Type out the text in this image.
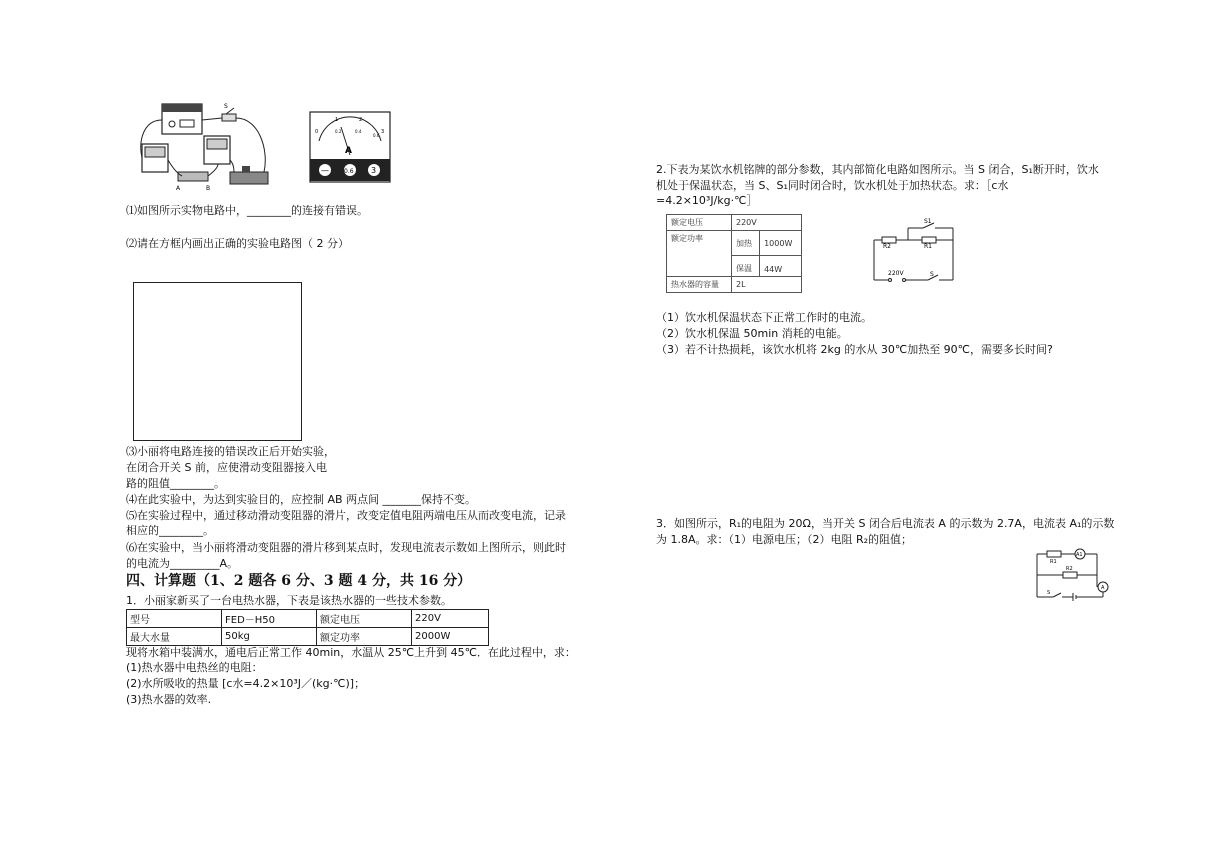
S
A	B
0
1	2
3
0.2	0.4
0.6
A
—	0.6 3
⑴如图所示实物电路中，________的连接有错误。
⑵请在方框内画出正确的实验电路图（ 2 分）
⑶小丽将电路连接的错误改正后开始实验，
在闭合开关 S 前，应使滑动变阻器接入电
路的阻值________。
⑷在此实验中，为达到实验目的，应控制 AB 两点间 _______保持不变。
⑸在实验过程中，通过移动滑动变阻器的滑片，改变定值电阻两端电压从而改变电流，记录
相应的________。
⑹在实验中，当小丽将滑动变阻器的滑片移到某点时，发现电流表示数如上图所示，则此时
的电流为_________A。
四、计算题（1、2 题各 6 分、3 题 4 分，共 16 分）
1．小丽家新买了一台电热水器，下表是该热水器的一些技术参数。
型号	FED－H50	额定电压	220V
最大水量	50kg	额定功率	2000W
现将水箱中装满水，通电后正常工作 40min，水温从 25℃上升到 45℃．在此过程中，求：
(1)热水器中电热丝的电阻：
(2)水所吸收的热量 [c水=4.2×10³J／(kg·℃)]；
(3)热水器的效率.
2.下表为某饮水机铭牌的部分参数，其内部简化电路如图所示。当 S 闭合，S₁断开时，饮水
机处于保温状态，当 S、S₁同时闭合时，饮水机处于加热状态。求：［c水
=4.2×10³J/kg·℃］
额定电压	220V	
额定功率	加热	1000W
	保温	44W
热水器的容量	2L	
S1
R2	R1
220V	S
（1）饮水机保温状态下正常工作时的电流。
（2）饮水机保温 50min 消耗的电能。
（3）若不计热损耗，该饮水机将 2kg 的水从 30℃加热至 90℃，需要多长时间?
3．如图所示，R₁的电阻为 20Ω，当开关 S 闭合后电流表 A 的示数为 2.7A，电流表 A₁的示数
为 1.8A。求：（1）电源电压；（2）电阻 R₂的阻值；
R1
A1
R2
A
S
